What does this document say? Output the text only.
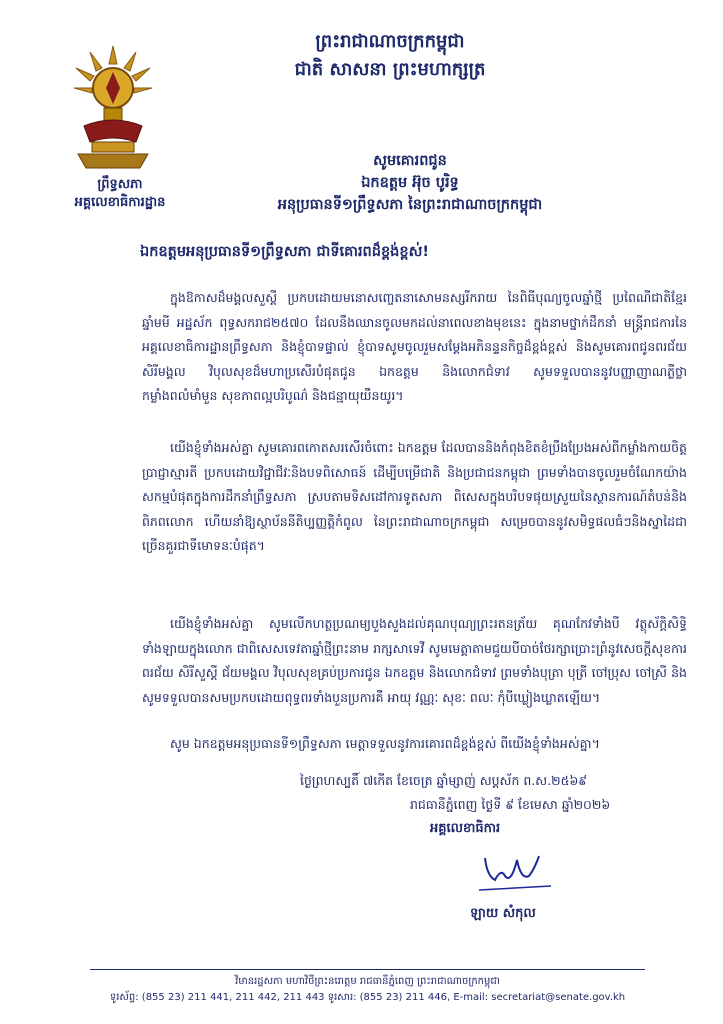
ព្រឹទ្ធសភា
អគ្គលេខាធិការដ្ឋាន
ព្រះរាជាណាចក្រកម្ពុជា
ជាតិ សាសនា ព្រះមហាក្សត្រ
សូមគោរពជូន
ឯកឧត្តម អ៊ុច បូរិទ្ធ
អនុប្រធានទី១ព្រឹទ្ធសភា នៃព្រះរាជាណាចក្រកម្ពុជា
ឯកឧត្តមអនុប្រធានទី១ព្រឹទ្ធសភា ជាទីគោរពដ៏ខ្ពង់ខ្ពស់!
ក្នុងឱកាសដ៏មង្គលសួស្តី ប្រកបដោយមនោសញ្ចេតនាសោមនស្សរីករាយ នៃពិធីបុណ្យចូលឆ្នាំថ្មី ប្រពៃណីជាតិខ្មែរ ឆ្នាំមមី អដ្ឋស័ក ពុទ្ធសករាជ២៥៧០ ដែលនឹងឈានចូលមកដល់នាពេលខាងមុខនេះ ក្នុងនាមថ្នាក់ដឹកនាំ មន្ត្រីរាជការនៃអគ្គលេខាធិការដ្ឋានព្រឹទ្ធសភា និងខ្ញុំបាទផ្ទាល់ ខ្ញុំបាទសូមចូលរួមសម្តែងអភិនន្ទនកិច្ចដ៏ខ្ពង់ខ្ពស់ និងសូមគោរពជូនពរជ័យ សិរីមង្គល វិបុលសុខដ៏មហាប្រសើរបំផុតជូន ឯកឧត្តម និងលោកជំទាវ សូមទទួលបាននូវបញ្ញាញាណភ្លឺថ្លា កម្លាំងពលំមាំមួន សុខភាពល្អបរិបូណ៌ និងជន្មាយុយឺនយូរ។
យើងខ្ញុំទាំងអស់គ្នា សូមគោរពកោតសរសើរចំពោះ ឯកឧត្តម ដែលបាននិងកំពុងខិតខំប្រឹងប្រែងអស់ពីកម្លាំងកាយចិត្ត ប្រាជ្ញាស្មារតី ប្រកបដោយវិជ្ជាជីវៈនិងបទពិសោធន៍ ដើម្បីបម្រើជាតិ និងប្រជាជនកម្ពុជា ព្រមទាំងបានចូលរួមចំណែកយ៉ាងសកម្មបំផុតក្នុងការដឹកនាំព្រឹទ្ធសភា ស្របតាមទិសដៅការទូតសភា ពិសេសក្នុងបរិបទផុយស្រួយនៃស្ថានការណ៍តំបន់និងពិភពលោក ហើយនាំឱ្យស្ថាប័ននីតិប្បញ្ញត្តិកំពូល នៃព្រះរាជាណាចក្រកម្ពុជា សម្រេចបាននូវសមិទ្ធផលធំៗនិងស្នាដៃជាច្រើនគួរជាទីមោទនៈបំផុត។
យើងខ្ញុំទាំងអស់គ្នា សូមលើកហត្ថប្រណម្យបួងសួងដល់គុណបុណ្យព្រះរតនត្រ័យ គុណកែវទាំងបី វត្ថុស័ក្តិសិទ្ធិទាំងឡាយក្នុងលោក ជាពិសេសទេវតាឆ្នាំថ្មីព្រះនាម រាក្សសាទេវី សូមមេត្តាតាមជួយបីបាច់ថែរក្សាប្រោះព្រំនូវសេចក្តីសុខការពរជ័យ សិរីសួស្តី ជ័យមង្គល វិបុលសុខគ្រប់ប្រការជូន ឯកឧត្តម និងលោកជំទាវ ព្រមទាំងបុត្រា បុត្រី ចៅប្រុស ចៅស្រី និងសូមទទួលបានសមប្រកបដោយពុទ្ធពរទាំងបួនប្រការគឺ អាយុ វណ្ណៈ សុខៈ ពលៈ កុំបីឃ្លៀងឃ្លាតឡើយ។
សូម ឯកឧត្តមអនុប្រធានទី១ព្រឹទ្ធសភា មេត្តាទទួលនូវការគោរពដ៏ខ្ពង់ខ្ពស់ ពីយើងខ្ញុំទាំងអស់គ្នា។
ថ្ងៃព្រហស្បតិ៍ ៧កើត ខែចេត្រ ឆ្នាំម្សាញ់ សប្តស័ក ព.ស.២៥៦៩
រាជធានីភ្នំពេញ ថ្ងៃទី ៩ ខែមេសា ឆ្នាំ២០២៦
អគ្គលេខាធិការ
ឡាយ សំកុល
វិមានរដ្ឋសភា មហាវិថីព្រះនរោត្តម រាជធានីភ្នំពេញ ព្រះរាជាណាចក្រកម្ពុជា
ទូរស័ព្ទ: (855 23) 211 441, 211 442, 211 443 ទូរសារ: (855 23) 211 446, E-mail: secretariat@senate.gov.kh
